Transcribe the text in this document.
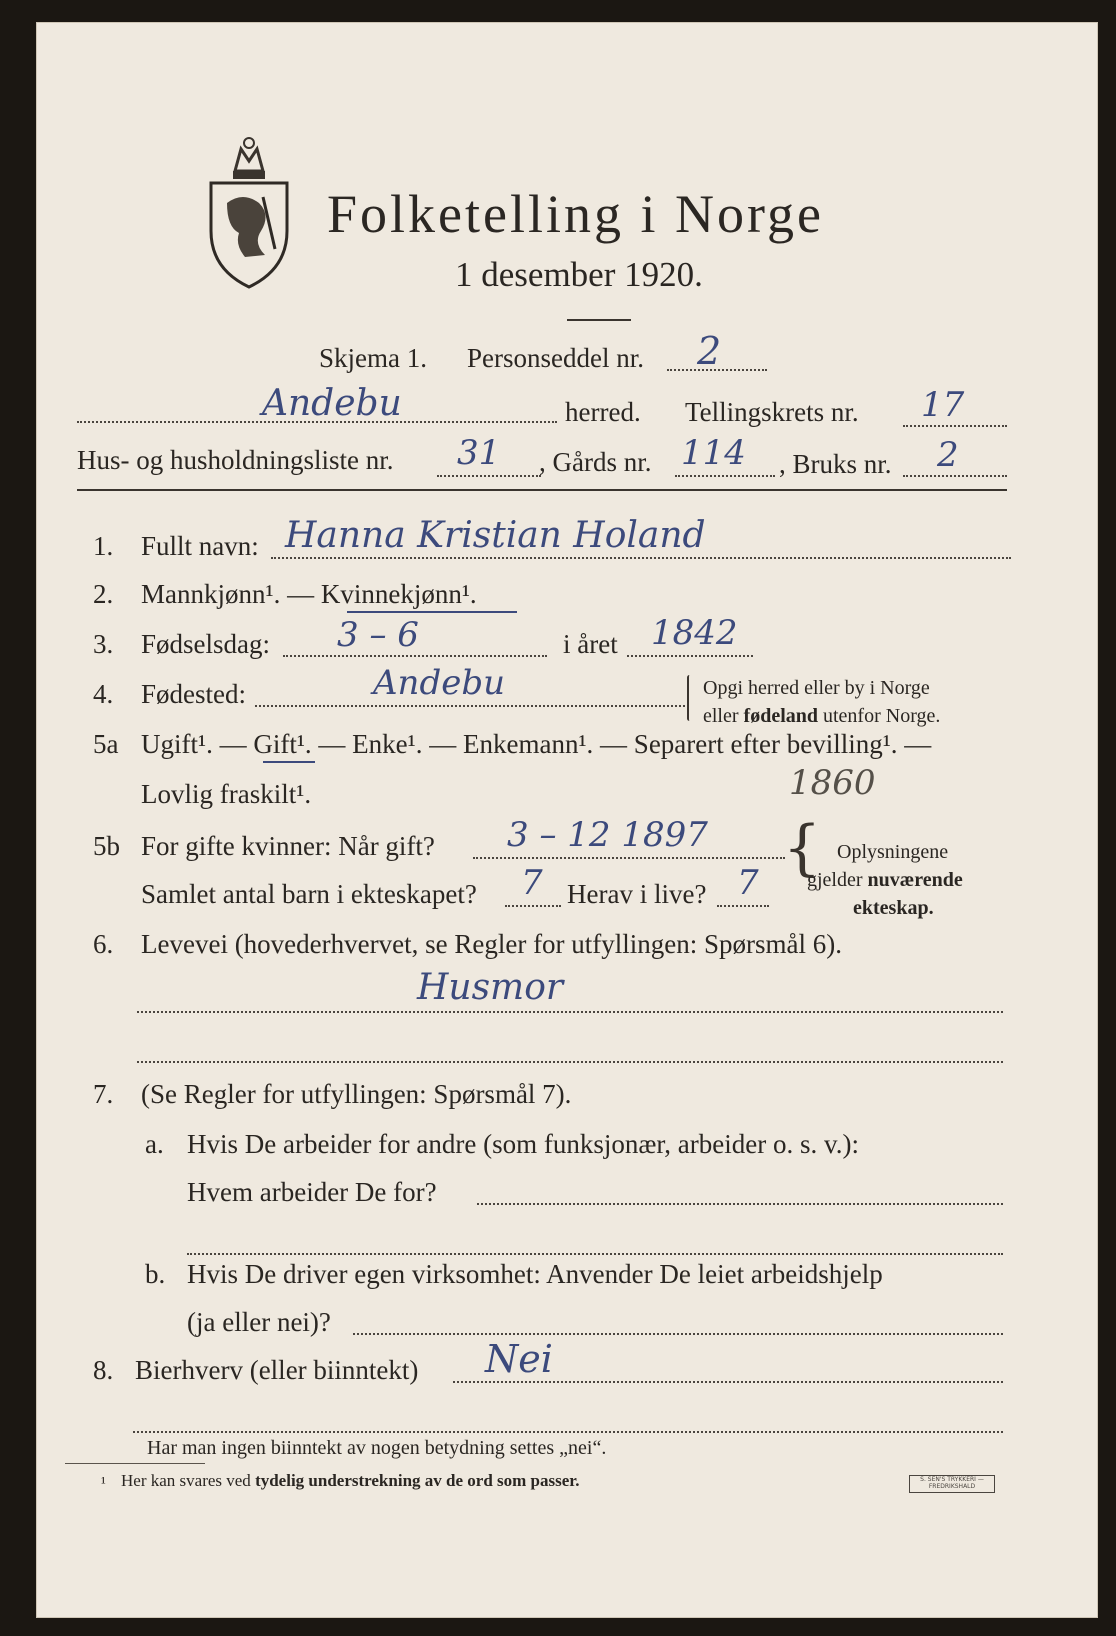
Folketelling i Norge
1 desember 1920.
Skjema 1. Personseddel nr. 2
Andebu	herred. Tellingskrets nr. 17
Hus- og husholdningsliste nr. 31 , Gårds nr. 114 , Bruks nr. 2
1. Fullt navn: Hanna Kristian Holand
2. Mannkjønn¹. — Kvinnekjønn¹.
3. Fødselsdag: 3 – 6	i året 1842
4. Fødested:	Andebu	Opgi herred eller by i Norge
eller fødeland utenfor Norge.
5a Ugift¹. — Gift¹. — Enke¹. — Enkemann¹. — Separert efter bevilling¹. —
Lovlig fraskilt¹.	1860
5b For gifte kvinner: Når gift? 3 – 12 1897
Samlet antal barn i ekteskapet? 7 Herav i live? 7 { Oplysningene
gjelder nuværende
ekteskap.
6. Levevei (hovederhvervet, se Regler for utfyllingen: Spørsmål 6).
Husmor
7. (Se Regler for utfyllingen: Spørsmål 7).
a. Hvis De arbeider for andre (som funksjonær, arbeider o. s. v.):
Hvem arbeider De for?
b. Hvis De driver egen virksomhet: Anvender De leiet arbeidshjelp
(ja eller nei)?
8. Bierhverv (eller biinntekt) Nei
Har man ingen biinntekt av nogen betydning settes „nei“.
¹ Her kan svares ved tydelig understrekning av de ord som passer.	S. SEN'S TRYKKERI — FREDRIKSHALD
